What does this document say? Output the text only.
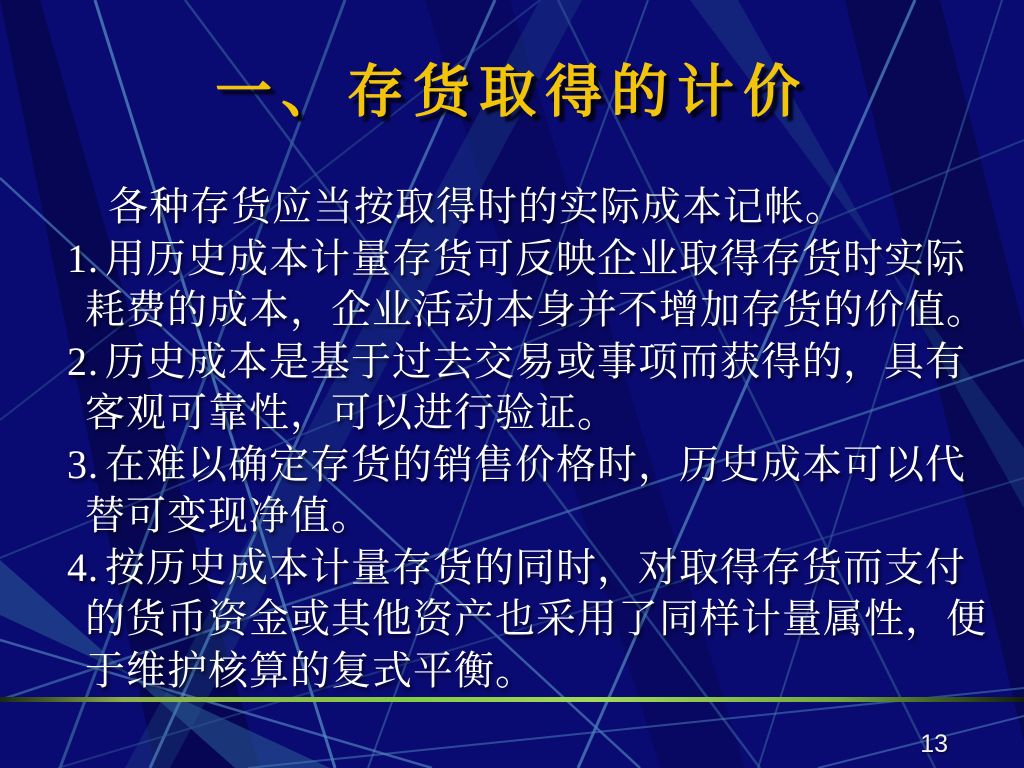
一、存货取得的计价

各种存货应当按取得时的实际成本记帐。

1. 用历史成本计量存货可反映企业取得存货时实际耗费的成本，企业活动本身并不增加存货的价值。

2. 历史成本是基于过去交易或事项而获得的，具有客观可靠性，可以进行验证。

3. 在难以确定存货的销售价格时，历史成本可以代替可变现净值。

4. 按历史成本计量存货的同时，对取得存货而支付的货币资金或其他资产也采用了同样计量属性，便于维护核算的复式平衡。

13
